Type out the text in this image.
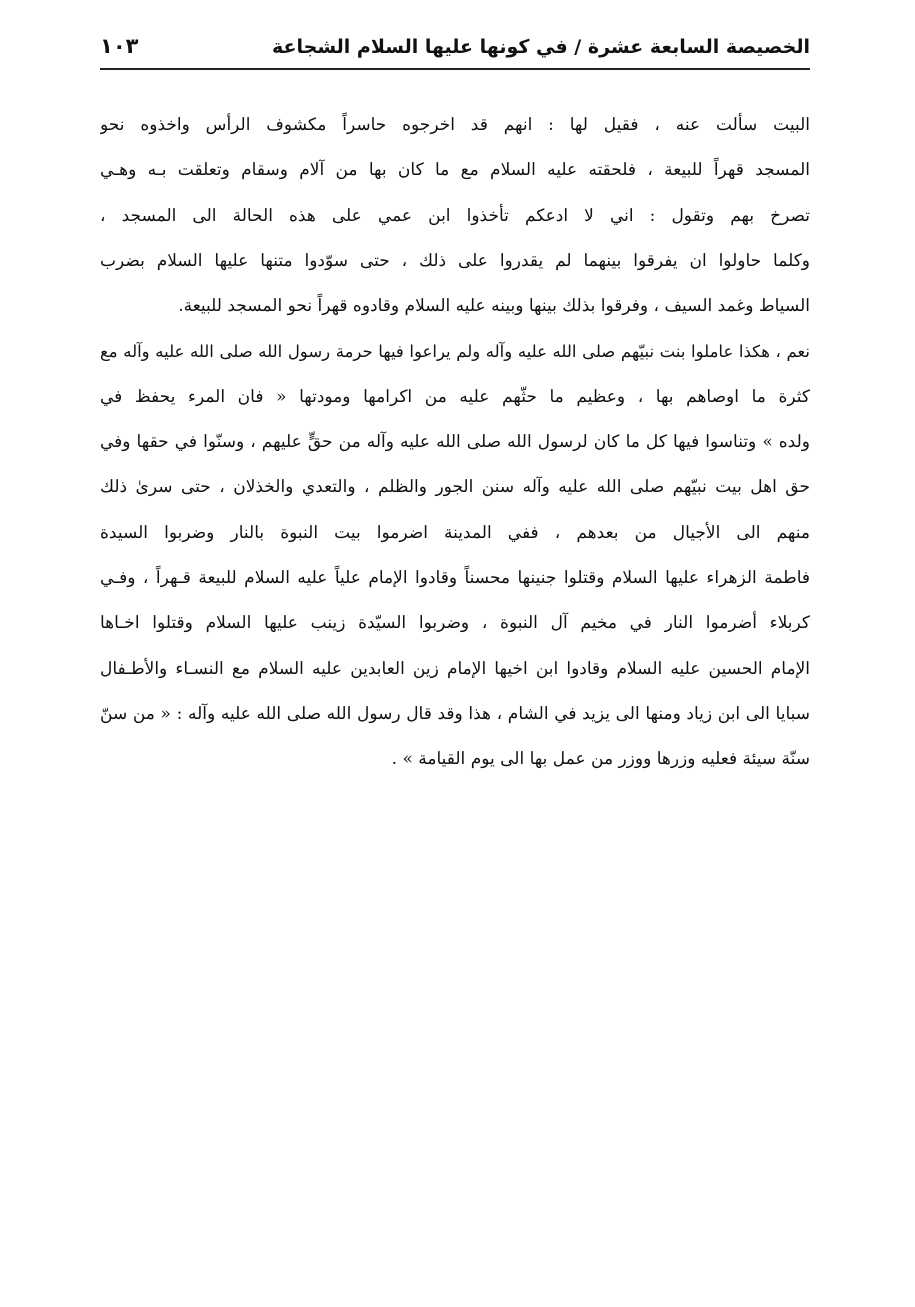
الخصيصة السابعة عشرة / في كونها عليها السلام الشجاعة
١٠٣
البيت سألت عنه ، فقيل لها : انهم قد اخرجوه حاسراً مكشوف الرأس واخذوه نحو
المسجد قهراً للبيعة ، فلحقته عليه السلام مع ما كان بها من آلام وسقام وتعلقت بـه وهـي
تصرخ بهم وتقول : اني لا ادعكم تأخذوا ابن عمي على هذه الحالة الى المسجد ،
وكلما حاولوا ان يفرقوا بينهما لم يقدروا على ذلك ، حتى سوّدوا متنها عليها السلام بضرب
السياط وغمد السيف ، وفرقوا بذلك بينها وبينه عليه السلام وقادوه قهراً نحو المسجد للبيعة.
نعم ، هكذا عاملوا بنت نبيّهم صلى الله عليه وآله ولم يراعوا فيها حرمة رسول الله صلى الله عليه وآله مع
كثرة ما اوصاهم بها ، وعظيم ما حثّهم عليه من اكرامها ومودتها « فان المرء يحفظ في
ولده » وتناسوا فيها كل ما كان لرسول الله صلى الله عليه وآله من حقٍّ عليهم ، وسنّوا في حقها وفي
حق اهل بيت نبيّهم صلى الله عليه وآله سنن الجور والظلم ، والتعدي والخذلان ، حتى سرىٰ ذلك
منهم الى الأجيال من بعدهم ، ففي المدينة اضرموا بيت النبوة بالنار وضربوا السيدة
فاطمة الزهراء عليها السلام وقتلوا جنينها محسناً وقادوا الإمام علياً عليه السلام للبيعة قـهراً ، وفـي
كربلاء أضرموا النار في مخيم آل النبوة ، وضربوا السيّدة زينب عليها السلام وقتلوا اخـاها
الإمام الحسين عليه السلام وقادوا ابن اخيها الإمام زين العابدين عليه السلام مع النسـاء والأطـفال
سبايا الى ابن زياد ومنها الى يزيد في الشام ، هذا وقد قال رسول الله صلى الله عليه وآله : « من سنّ
سنّة سيئة فعليه وزرها ووزر من عمل بها الى يوم القيامة » .
